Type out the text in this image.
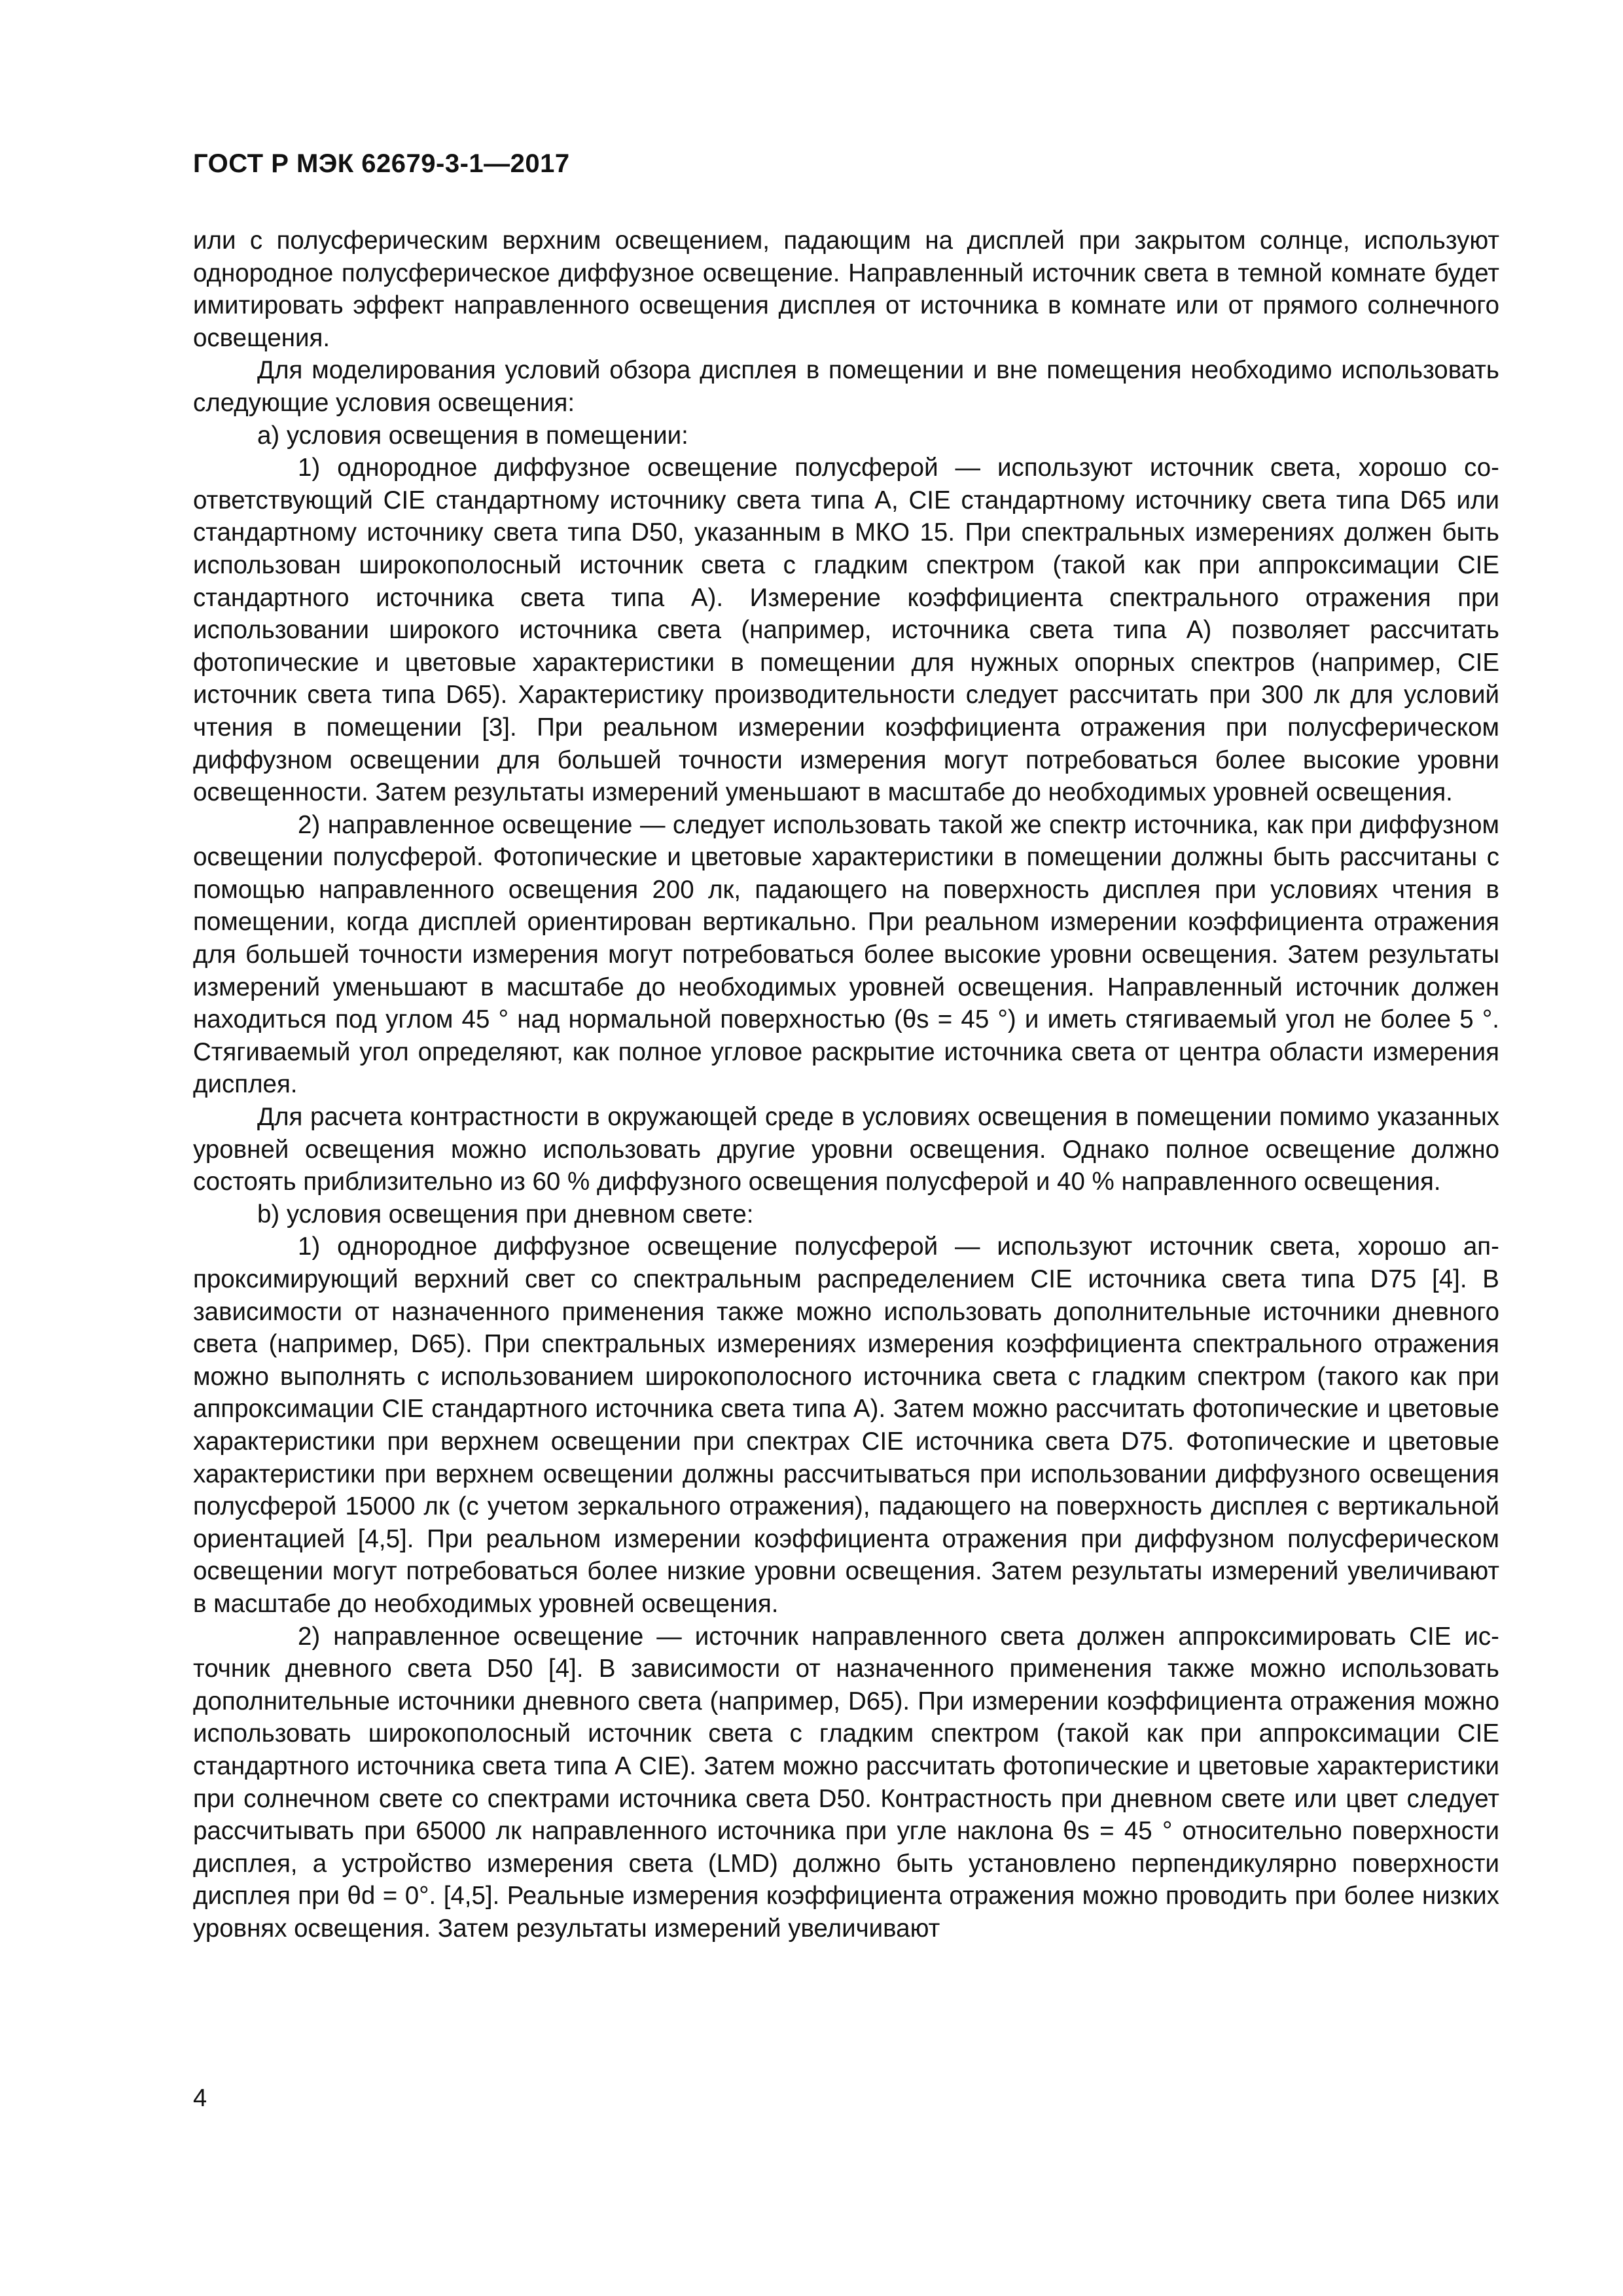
ГОСТ Р МЭК 62679-3-1—2017

или с полусферическим верхним освещением, падающим на дисплей при закрытом солнце, используют однородное полусферическое диффузное освещение. Направленный источник света в темной комнате будет имитировать эффект направленного освещения дисплея от источника в комнате или от прямого солнечного освещения.

Для моделирования условий обзора дисплея в помещении и вне помещения необходимо использовать следующие условия освещения:

a) условия освещения в помещении:

1) однородное диффузное освещение полусферой — используют источник света, хорошо соответствующий CIE стандартному источнику света типа А, CIE стандартному источнику света типа D65 или стандартному источнику света типа D50, указанным в МКО 15. При спектральных измерениях должен быть использован широкополосный источник света с гладким спектром (такой как при аппроксимации CIE стандартного источника света типа А). Измерение коэффициента спектрального отражения при использовании широкого источника света (например, источника света типа А) позволяет рассчитать фотопические и цветовые характеристики в помещении для нужных опорных спектров (например, CIE источник света типа D65). Характеристику производительности следует рассчитать при 300 лк для условий чтения в помещении [3]. При реальном измерении коэффициента отражения при полусферическом диффузном освещении для большей точности измерения могут потребоваться более высокие уровни освещенности. Затем результаты измерений уменьшают в масштабе до необходимых уровней освещения.

2) направленное освещение — следует использовать такой же спектр источника, как при диффузном освещении полусферой. Фотопические и цветовые характеристики в помещении должны быть рассчитаны с помощью направленного освещения 200 лк, падающего на поверхность дисплея при условиях чтения в помещении, когда дисплей ориентирован вертикально. При реальном измерении коэффициента отражения для большей точности измерения могут потребоваться более высокие уровни освещения. Затем результаты измерений уменьшают в масштабе до необходимых уровней освещения. Направленный источник должен находиться под углом 45 ° над нормальной поверхностью (θs = 45 °) и иметь стягиваемый угол не более 5 °. Стягиваемый угол определяют, как полное угловое раскрытие источника света от центра области измерения дисплея.

Для расчета контрастности в окружающей среде в условиях освещения в помещении помимо указанных уровней освещения можно использовать другие уровни освещения. Однако полное освещение должно состоять приблизительно из 60 % диффузного освещения полусферой и 40 % направленного освещения.

b) условия освещения при дневном свете:

1) однородное диффузное освещение полусферой — используют источник света, хорошо аппроксимирующий верхний свет со спектральным распределением CIE источника света типа D75 [4]. В зависимости от назначенного применения также можно использовать дополнительные источники дневного света (например, D65). При спектральных измерениях измерения коэффициента спектрального отражения можно выполнять с использованием широкополосного источника света с гладким спектром (такого как при аппроксимации CIE стандартного источника света типа А). Затем можно рассчитать фотопические и цветовые характеристики при верхнем освещении при спектрах CIE источника света D75. Фотопические и цветовые характеристики при верхнем освещении должны рассчитываться при использовании диффузного освещения полусферой 15000 лк (с учетом зеркального отражения), падающего на поверхность дисплея с вертикальной ориентацией [4,5]. При реальном измерении коэффициента отражения при диффузном полусферическом освещении могут потребоваться более низкие уровни освещения. Затем результаты измерений увеличивают в масштабе до необходимых уровней освещения.

2) направленное освещение — источник направленного света должен аппроксимировать CIE источник дневного света D50 [4]. В зависимости от назначенного применения также можно использовать дополнительные источники дневного света (например, D65). При измерении коэффициента отражения можно использовать широкополосный источник света с гладким спектром (такой как при аппроксимации CIE стандартного источника света типа А CIE). Затем можно рассчитать фотопические и цветовые характеристики при солнечном свете со спектрами источника света D50. Контрастность при дневном свете или цвет следует рассчитывать при 65000 лк направленного источника при угле наклона θs = 45 ° относительно поверхности дисплея, а устройство измерения света (LMD) должно быть установлено перпендикулярно поверхности дисплея при θd = 0°. [4,5]. Реальные измерения коэффициента отражения можно проводить при более низких уровнях освещения. Затем результаты измерений увеличивают

4
